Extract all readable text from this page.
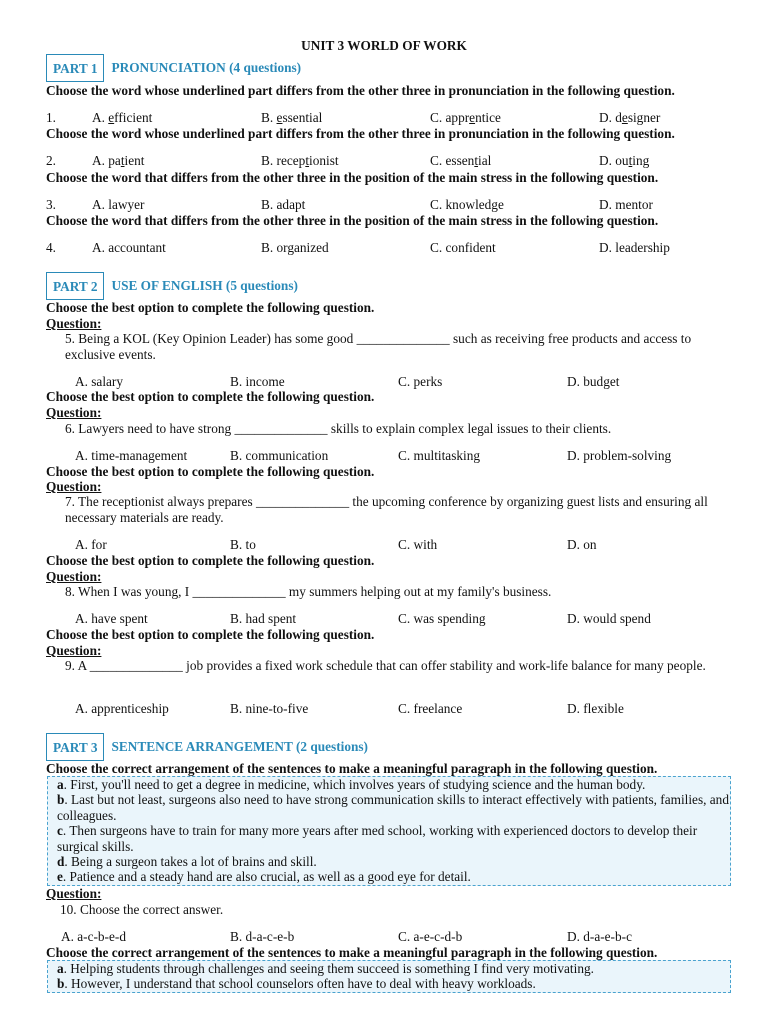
UNIT 3 WORLD OF WORK
PART 1	PRONUNCIATION (4 questions)
Choose the word whose underlined part differs from the other three in pronunciation in the following question.
1.	A. efficient	B. essential	C. apprentice	D. designer
Choose the word whose underlined part differs from the other three in pronunciation in the following question.
2.	A. patient	B. receptionist	C. essential	D. outing
Choose the word that differs from the other three in the position of the main stress in the following question.
3.	A. lawyer	B. adapt	C. knowledge	D. mentor
Choose the word that differs from the other three in the position of the main stress in the following question.
4.	A. accountant	B. organized	C. confident	D. leadership
PART 2	USE OF ENGLISH (5 questions)
Choose the best option to complete the following question.
Question:
5. Being a KOL (Key Opinion Leader) has some good ______________ such as receiving free products and access to exclusive events.
A. salary	B. income	C. perks	D. budget
Choose the best option to complete the following question.
Question:
6. Lawyers need to have strong ______________ skills to explain complex legal issues to their clients.
A. time-management	B. communication	C. multitasking	D. problem-solving
Choose the best option to complete the following question.
Question:
7. The receptionist always prepares ______________ the upcoming conference by organizing guest lists and ensuring all necessary materials are ready.
A. for	B. to	C. with	D. on
Choose the best option to complete the following question.
Question:
8. When I was young, I ______________ my summers helping out at my family's business.
A. have spent	B. had spent	C. was spending	D. would spend
Choose the best option to complete the following question.
Question:
9. A ______________ job provides a fixed work schedule that can offer stability and work-life balance for many people.
A. apprenticeship	B. nine-to-five	C. freelance	D. flexible
PART 3	SENTENCE ARRANGEMENT (2 questions)
Choose the correct arrangement of the sentences to make a meaningful paragraph in the following question.
a. First, you'll need to get a degree in medicine, which involves years of studying science and the human body.
b. Last but not least, surgeons also need to have strong communication skills to interact effectively with patients, families, and colleagues.
c. Then surgeons have to train for many more years after med school, working with experienced doctors to develop their surgical skills.
d. Being a surgeon takes a lot of brains and skill.
e. Patience and a steady hand are also crucial, as well as a good eye for detail.
Question:
10. Choose the correct answer.
A. a-c-b-e-d	B. d-a-c-e-b	C. a-e-c-d-b	D. d-a-e-b-c
Choose the correct arrangement of the sentences to make a meaningful paragraph in the following question.
a. Helping students through challenges and seeing them succeed is something I find very motivating.
b. However, I understand that school counselors often have to deal with heavy workloads.
